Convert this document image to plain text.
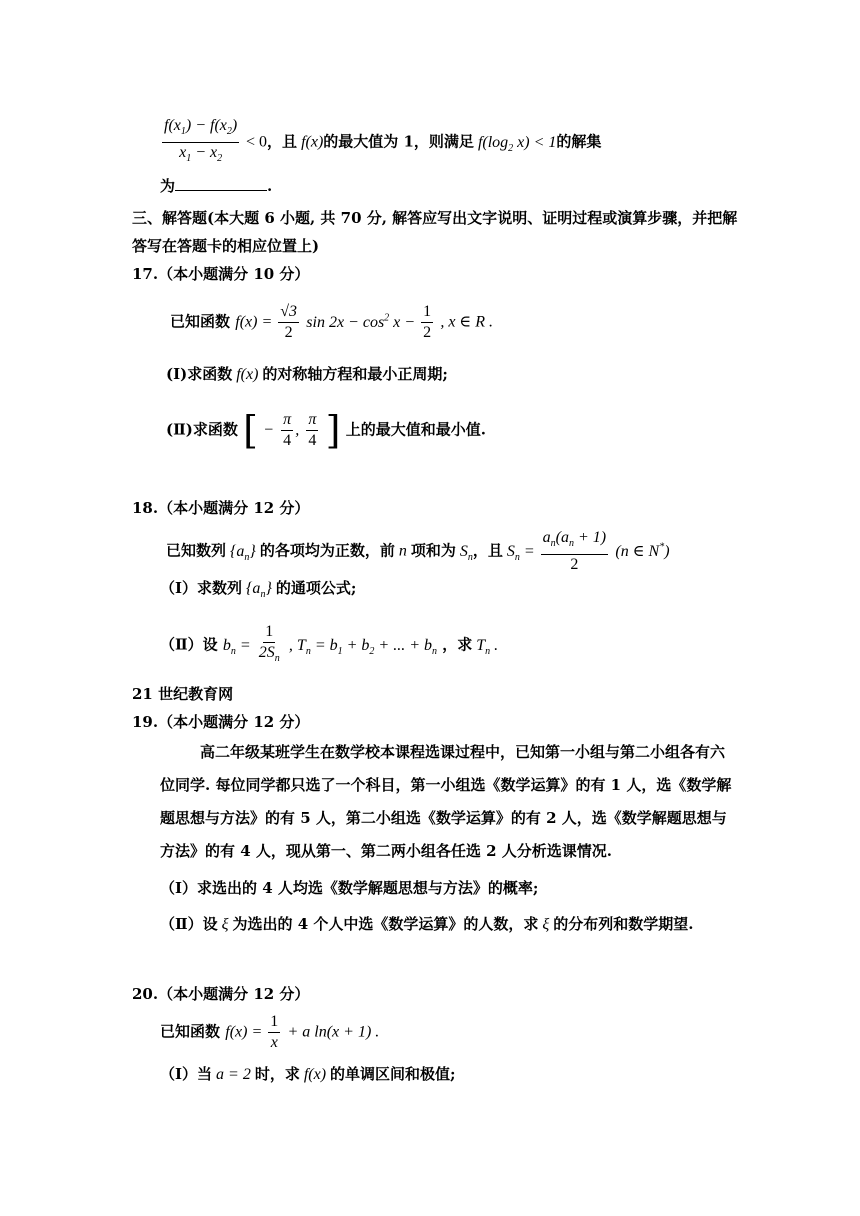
$\frac{f(x_1) - f(x_2)}{x_1 - x_2} < 0$，且 f(x)的最大值为 1，则满足 $f(\log_2$ x) < 1的解集
为	.
三、解答题(本大题 6 小题, 共 70 分, 解答应写出文字说明、证明过程或演算步骤，并把解
答写在答题卡的相应位置上)
17.（本小题满分 10 分）
已知函数 $f(x) = \frac{√3}{2}$ $\sin 2x - \cos^2 x - \frac{1}{2}$ , x ∈ R .
(Ⅰ)求函数 f(x) 的对称轴方程和最小正周期;
(Ⅱ)求函数 [ − $\frac{\pi}{4}$ , $\frac{\pi}{4}$ ] 上的最大值和最小值.
18.（本小题满分 12 分）
已知数列 $\{a_n\}$ 的各项均为正数，前 n 项和为 $S_n$，且 $S_n = \frac{a_n(a_n + 1)}{2} (n$ ∈ N*)
（Ⅰ）求数列 $\{a_n\}$ 的通项公式;
（Ⅱ）设 $b_n = \frac{1}{2S_n}$ , $T_n = b_1 + b_2$ + ... + $b_n$ ，求 $T_n$ .
21 世纪教育网
19.（本小题满分 12 分）
高二年级某班学生在数学校本课程选课过程中，已知第一小组与第二小组各有六位同学. 每位同学都只选了一个科目，第一小组选《数学运算》的有 1 人，选《数学解题思想与方法》的有 5 人，第二小组选《数学运算》的有 2 人，选《数学解题思想与方法》的有 4 人，现从第一、第二两小组各任选 2 人分析选课情况.
（Ⅰ）求选出的 4 人均选《数学解题思想与方法》的概率;
（Ⅱ）设 ξ 为选出的 4 个人中选《数学运算》的人数，求 ξ 的分布列和数学期望.
20.（本小题满分 12 分）
已知函数 $f(x) = \frac{1}{x} + a$ ln(x + 1) .
（Ⅰ）当 a = 2 时，求 f(x) 的单调区间和极值;
